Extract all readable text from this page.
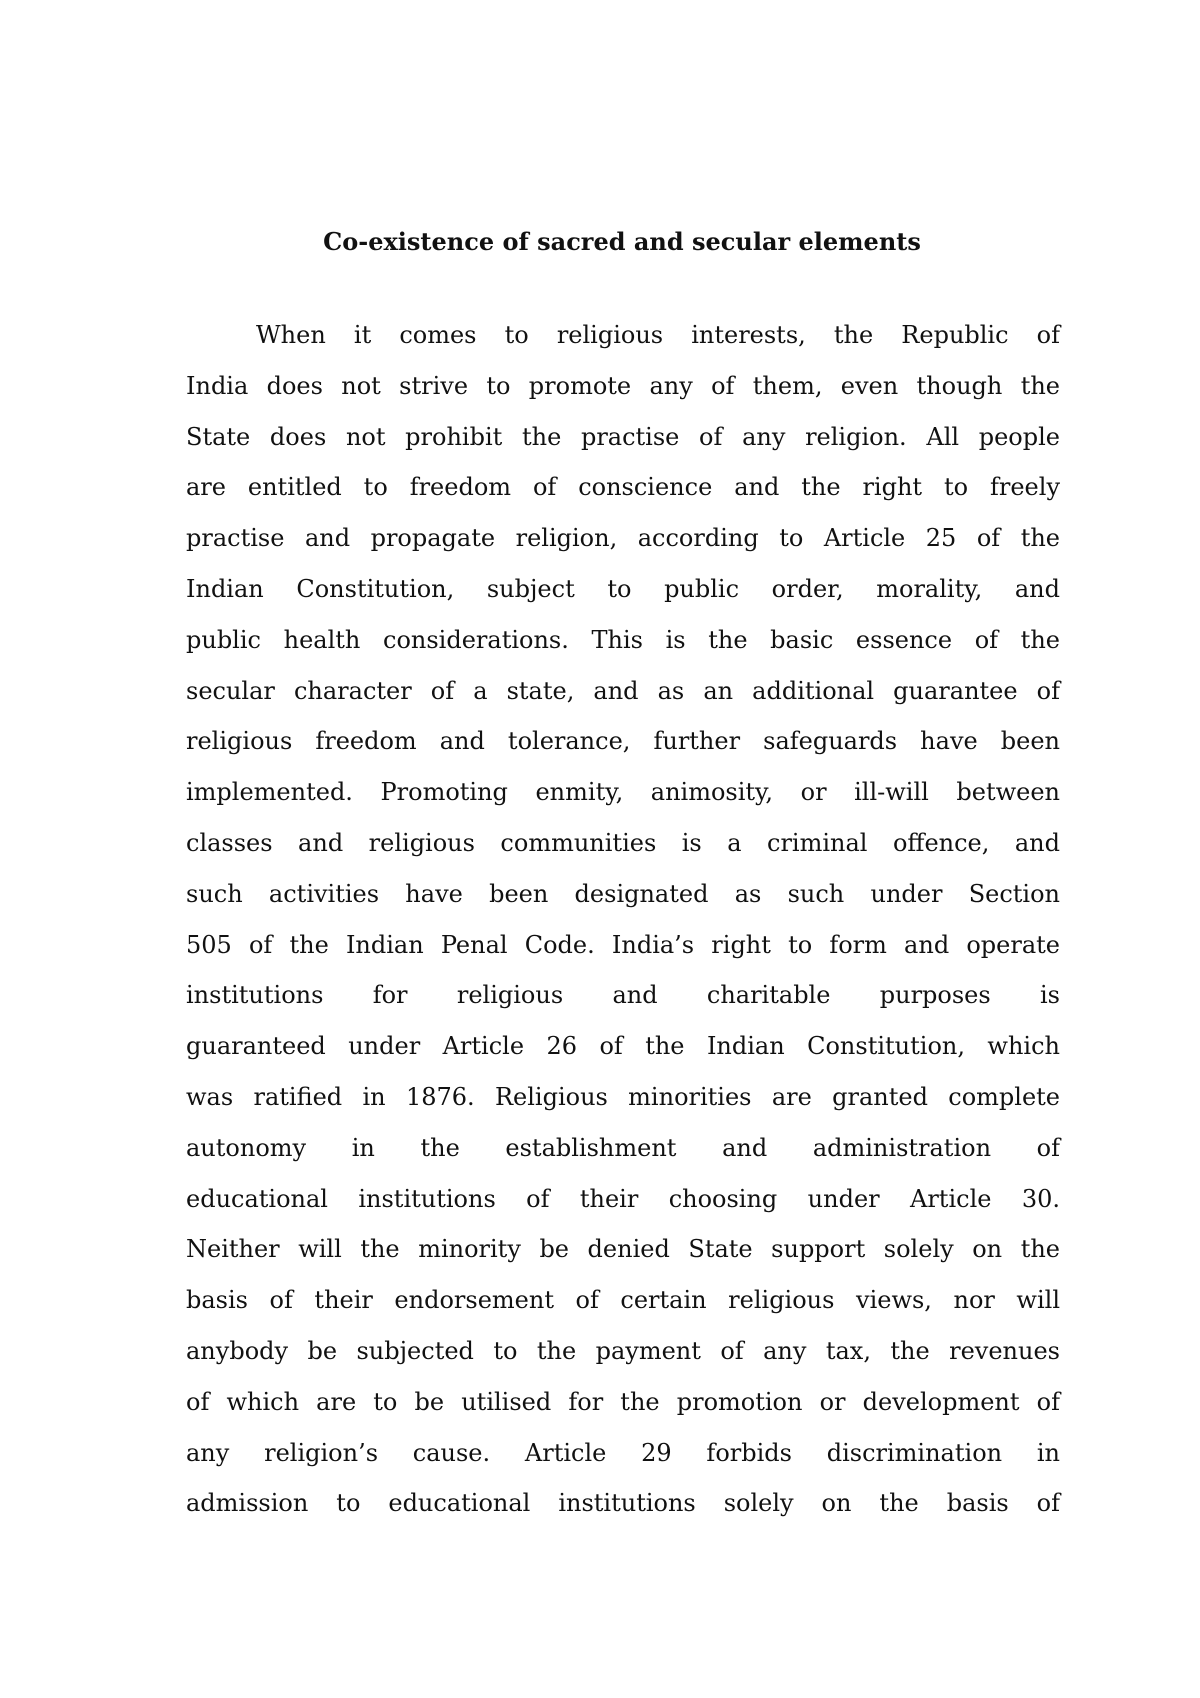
Co-existence of sacred and secular elements
When it comes to religious interests, the Republic of
India does not strive to promote any of them, even though the
State does not prohibit the practise of any religion. All people
are entitled to freedom of conscience and the right to freely
practise and propagate religion, according to Article 25 of the
Indian Constitution, subject to public order, morality, and
public health considerations. This is the basic essence of the
secular character of a state, and as an additional guarantee of
religious freedom and tolerance, further safeguards have been
implemented. Promoting enmity, animosity, or ill-will between
classes and religious communities is a criminal offence, and
such activities have been designated as such under Section
505 of the Indian Penal Code. India’s right to form and operate
institutions for religious and charitable purposes is
guaranteed under Article 26 of the Indian Constitution, which
was ratified in 1876. Religious minorities are granted complete
autonomy in the establishment and administration of
educational institutions of their choosing under Article 30.
Neither will the minority be denied State support solely on the
basis of their endorsement of certain religious views, nor will
anybody be subjected to the payment of any tax, the revenues
of which are to be utilised for the promotion or development of
any religion’s cause. Article 29 forbids discrimination in
admission to educational institutions solely on the basis of
